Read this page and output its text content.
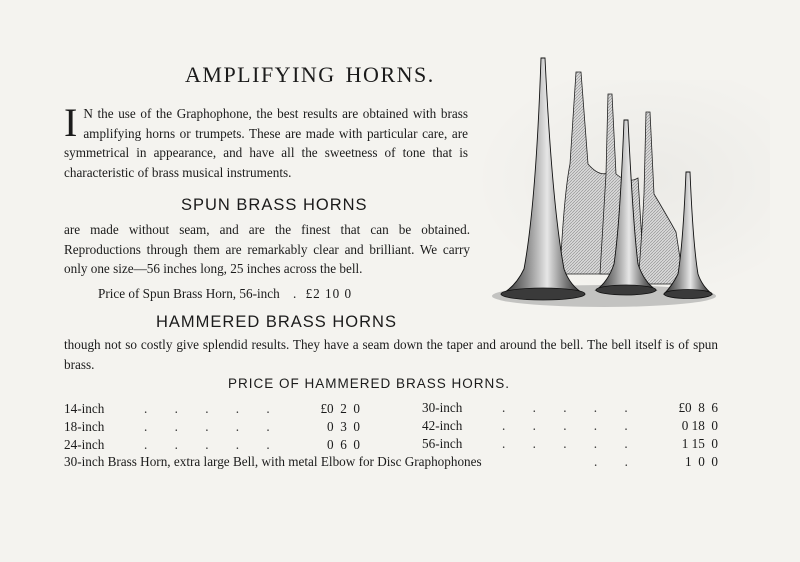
AMPLIFYING HORNS.
I N the use of the Graphophone, the best results are obtained with brass amplifying horns or trumpets. These are made with particular care, are symmetrical in appearance, and have all the sweetness of tone that is characteristic of brass musical instruments.
SPUN BRASS HORNS
are made without seam, and are the finest that can be obtained. Reproductions through them are remarkably clear and brilliant. We carry only one size—56 inches long, 25 inches across the bell.
Price of Spun Brass Horn, 56-inch . £2 10 0
HAMMERED BRASS HORNS
though not so costly give splendid results. They have a seam down the taper and around the bell. The bell itself is of spun brass.
PRICE OF HAMMERED BRASS HORNS.
14-inch	. . . . .	£0  2  0
18-inch	. . . . .	0  3  0
24-inch	. . . . .	0  6  0
30-inch	. . . . .	£0  8  6
42-inch	. . . . .	0 18  0
56-inch	. . . . .	1 15  0
30-inch Brass Horn, extra large Bell, with metal Elbow for Disc Graphophones	. .	1  0  0
